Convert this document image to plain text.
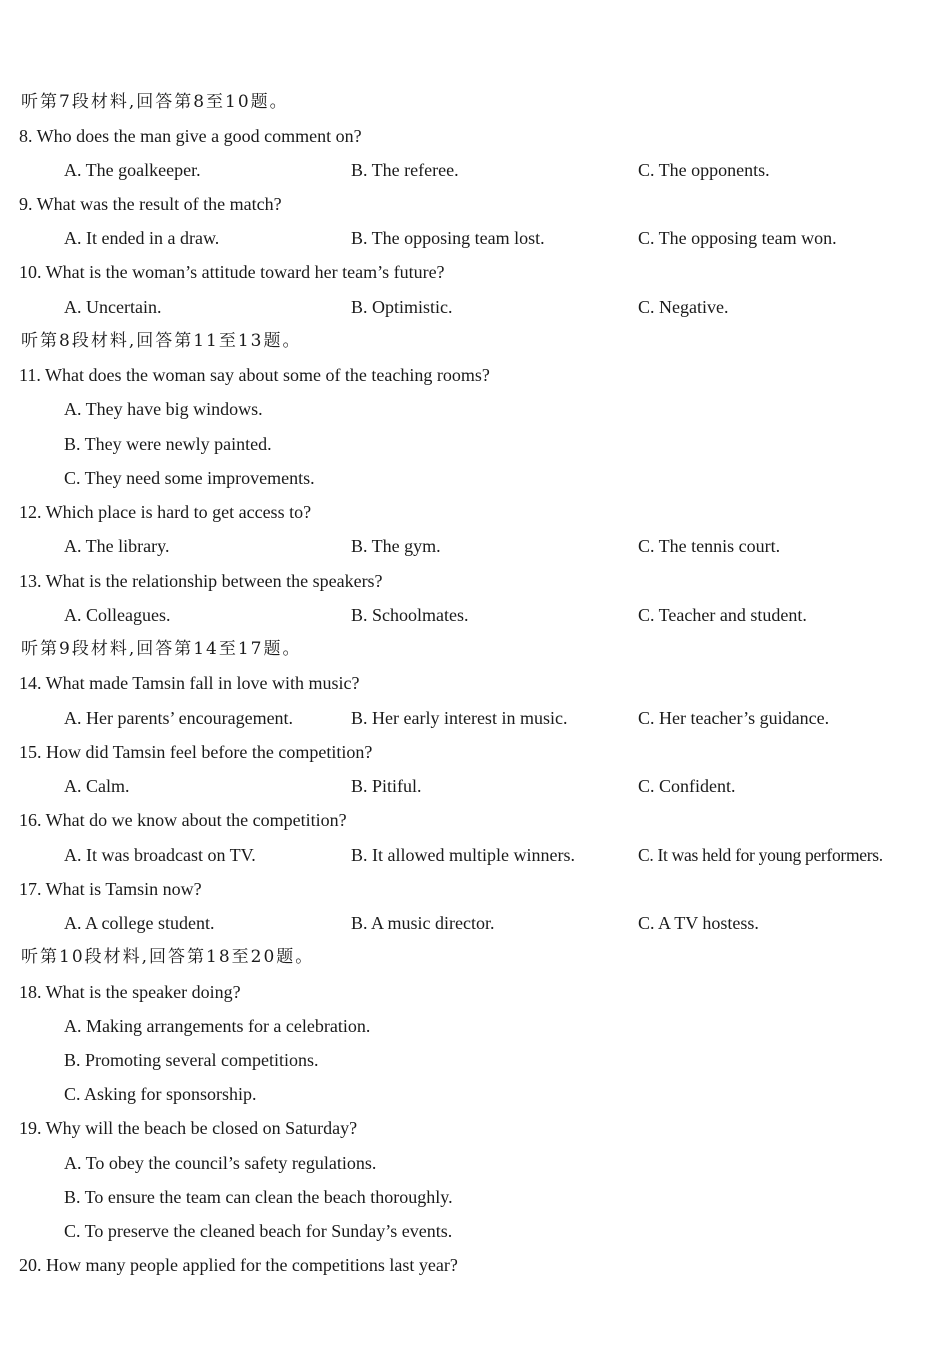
听第7段材料,回答第8至10题。
8. Who does the man give a good comment on?
A. The goalkeeper.	B. The referee.	C. The opponents.
9. What was the result of the match?
A. It ended in a draw.	B. The opposing team lost.	C. The opposing team won.
10. What is the woman’s attitude toward her team’s future?
A. Uncertain.	B. Optimistic.	C. Negative.
听第8段材料,回答第11至13题。
11. What does the woman say about some of the teaching rooms?
A. They have big windows.
B. They were newly painted.
C. They need some improvements.
12. Which place is hard to get access to?
A. The library.	B. The gym.	C. The tennis court.
13. What is the relationship between the speakers?
A. Colleagues.	B. Schoolmates.	C. Teacher and student.
听第9段材料,回答第14至17题。
14. What made Tamsin fall in love with music?
A. Her parents’ encouragement.	B. Her early interest in music.	C. Her teacher’s guidance.
15. How did Tamsin feel before the competition?
A. Calm.	B. Pitiful.	C. Confident.
16. What do we know about the competition?
A. It was broadcast on TV.	B. It allowed multiple winners.	C. It was held for young performers.
17. What is Tamsin now?
A. A college student.	B. A music director.	C. A TV hostess.
听第10段材料,回答第18至20题。
18. What is the speaker doing?
A. Making arrangements for a celebration.
B. Promoting several competitions.
C. Asking for sponsorship.
19. Why will the beach be closed on Saturday?
A. To obey the council’s safety regulations.
B. To ensure the team can clean the beach thoroughly.
C. To preserve the cleaned beach for Sunday’s events.
20. How many people applied for the competitions last year?
